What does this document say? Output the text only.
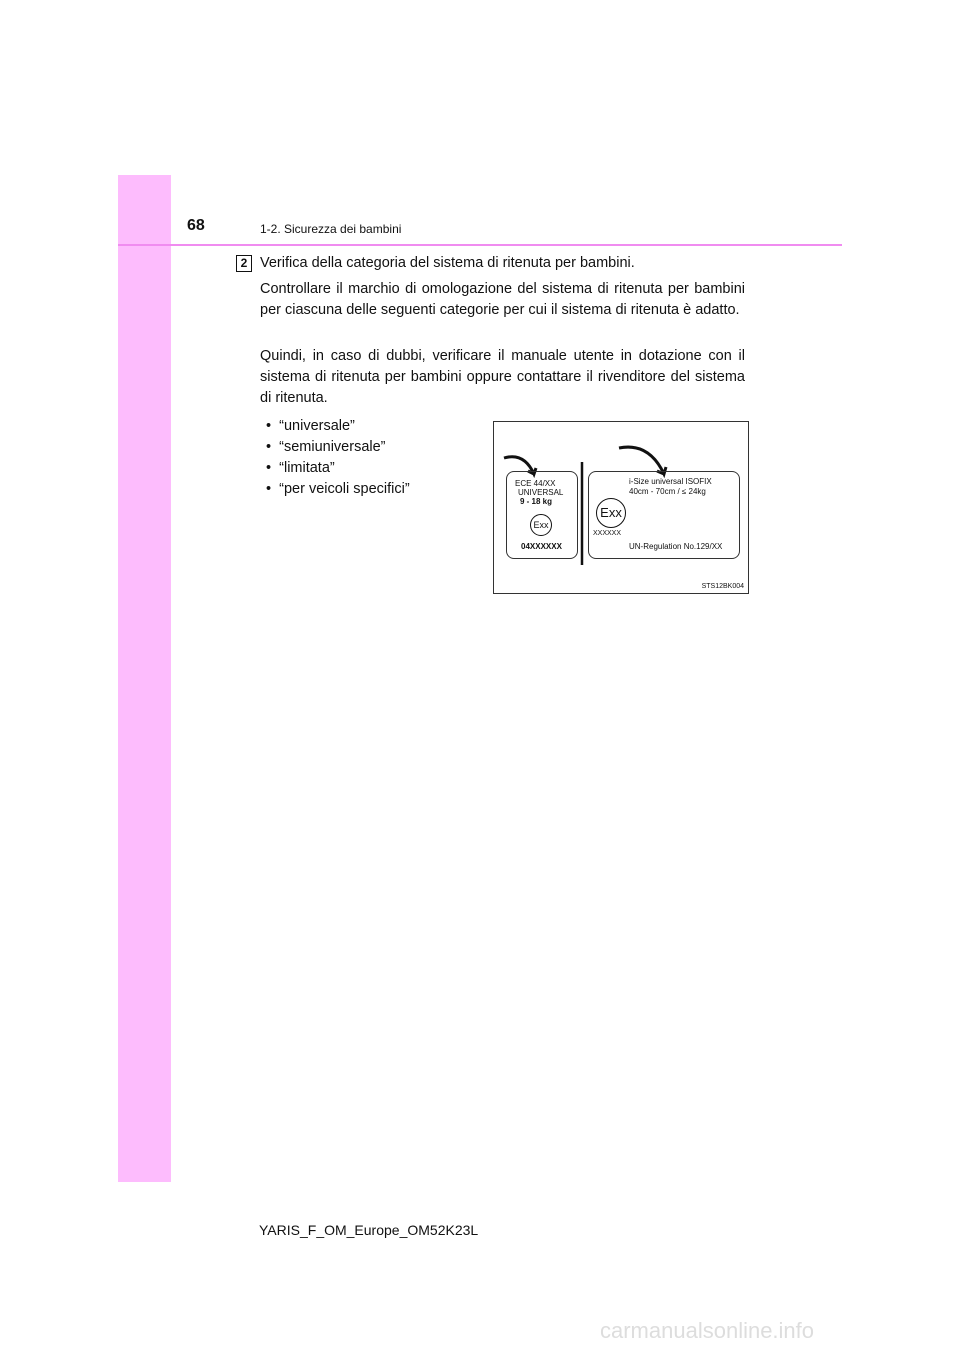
68	1-2. Sicurezza dei bambini
2 Verifica della categoria del sistema di ritenuta per bambini.
Controllare il marchio di omologazione del sistema di ritenuta per bambini per ciascuna delle seguenti categorie per cui il sistema di ritenuta è adatto.
Quindi, in caso di dubbi, verificare il manuale utente in dotazione con il sistema di ritenuta per bambini oppure contattare il rivenditore del sistema di ritenuta.
•  “universale”
•  “semiuniversale”
•  “limitata”
•  “per veicoli specifici”	ECE 44/XX
UNIVERSAL
9 - 18 kg
Exx
04XXXXXX
i-Size universal ISOFIX
40cm - 70cm / ≤ 24kg
Exx
XXXXXX
UN-Regulation No.129/XX
STS12BK004
YARIS_F_OM_Europe_OM52K23L
carmanualsonline.info
